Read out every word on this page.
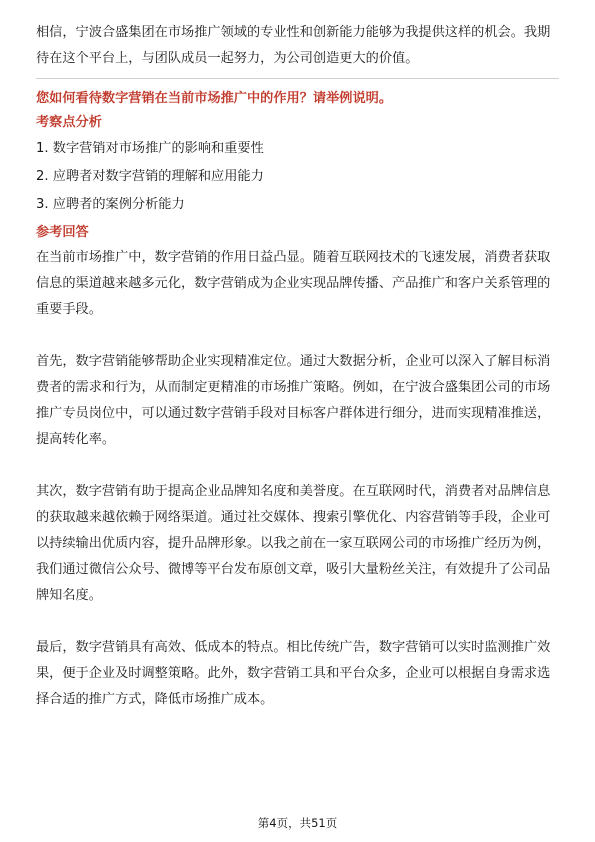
相信，宁波合盛集团在市场推广领域的专业性和创新能力能够为我提供这样的机会。我期待在这个平台上，与团队成员一起努力，为公司创造更大的价值。

您如何看待数字营销在当前市场推广中的作用？请举例说明。
考察点分析
1. 数字营销对市场推广的影响和重要性
2. 应聘者对数字营销的理解和应用能力
3. 应聘者的案例分析能力
参考回答

在当前市场推广中，数字营销的作用日益凸显。随着互联网技术的飞速发展，消费者获取信息的渠道越来越多元化，数字营销成为企业实现品牌传播、产品推广和客户关系管理的重要手段。

首先，数字营销能够帮助企业实现精准定位。通过大数据分析，企业可以深入了解目标消费者的需求和行为，从而制定更精准的市场推广策略。例如，在宁波合盛集团公司的市场推广专员岗位中，可以通过数字营销手段对目标客户群体进行细分，进而实现精准推送，提高转化率。

其次，数字营销有助于提高企业品牌知名度和美誉度。在互联网时代，消费者对品牌信息的获取越来越依赖于网络渠道。通过社交媒体、搜索引擎优化、内容营销等手段，企业可以持续输出优质内容，提升品牌形象。以我之前在一家互联网公司的市场推广经历为例，我们通过微信公众号、微博等平台发布原创文章，吸引大量粉丝关注，有效提升了公司品牌知名度。

最后，数字营销具有高效、低成本的特点。相比传统广告，数字营销可以实时监测推广效果，便于企业及时调整策略。此外，数字营销工具和平台众多，企业可以根据自身需求选择合适的推广方式，降低市场推广成本。

第4页，共51页
